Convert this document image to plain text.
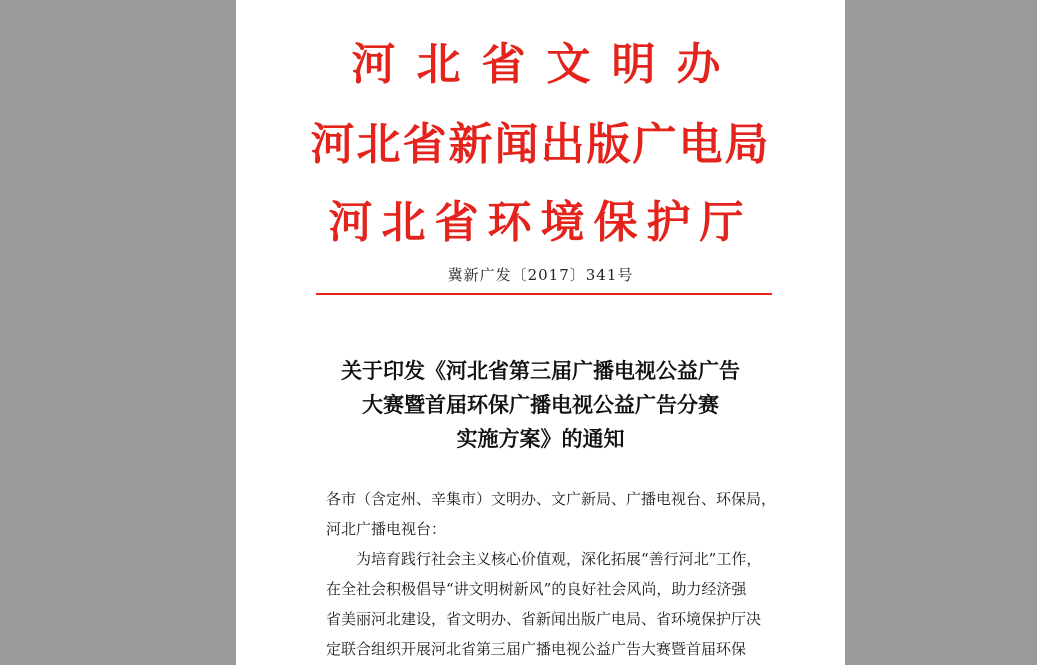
河北省文明办
河北省新闻出版广电局
河北省环境保护厅
冀新广发〔2017〕341号
关于印发《河北省第三届广播电视公益广告
大赛暨首届环保广播电视公益广告分赛
实施方案》的通知
各市（含定州、辛集市）文明办、文广新局、广播电视台、环保局，
河北广播电视台：
为培育践行社会主义核心价值观，深化拓展“善行河北”工作，
在全社会积极倡导“讲文明树新风”的良好社会风尚，助力经济强
省美丽河北建设，省文明办、省新闻出版广电局、省环境保护厅决
定联合组织开展河北省第三届广播电视公益广告大赛暨首届环保
